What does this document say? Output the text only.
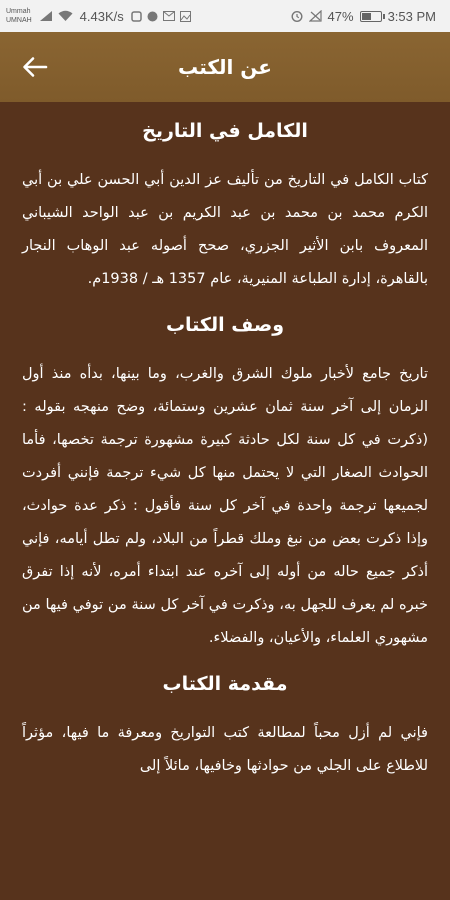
Ummah
UMNAH	4.43K/s	47%	3:53 PM
عن الكتب
الكامل في التاريخ

كتاب الكامل في التاريخ من تأليف عز الدين أبي الحسن علي بن أبي الكرم محمد بن محمد بن عبد الكريم بن عبد الواحد الشيباني المعروف بابن الأثير الجزري، صحح أصوله عبد الوهاب النجار بالقاهرة، إدارة الطباعة المنيرية، عام 1357 هـ / 1938م.

وصف الكتاب

تاريخ جامع لأخبار ملوك الشرق والغرب، وما بينها، بدأه منذ أول الزمان إلى آخر سنة ثمان عشرين وستمائة، وضح منهجه بقوله : (ذكرت في كل سنة لكل حادثة كبيرة مشهورة ترجمة تخصها، فأما الحوادث الصغار التي لا يحتمل منها كل شيء ترجمة فإنني أفردت لجميعها ترجمة واحدة في آخر كل سنة فأقول : ذكر عدة حوادث، وإذا ذكرت بعض من نبغ وملك قطراً من البلاد، ولم تطل أيامه، فإني أذكر جميع حاله من أوله إلى آخره عند ابتداء أمره، لأنه إذا تفرق خبره لم يعرف للجهل به، وذكرت في آخر كل سنة من توفي فيها من مشهوري العلماء، والأعيان، والفضلاء.

مقدمة الكتاب

فإني لم أزل محباً لمطالعة كتب التواريخ ومعرفة ما فيها، مؤثراً للاطلاع على الجلي من حوادثها وخافيها، مائلاً إلى
